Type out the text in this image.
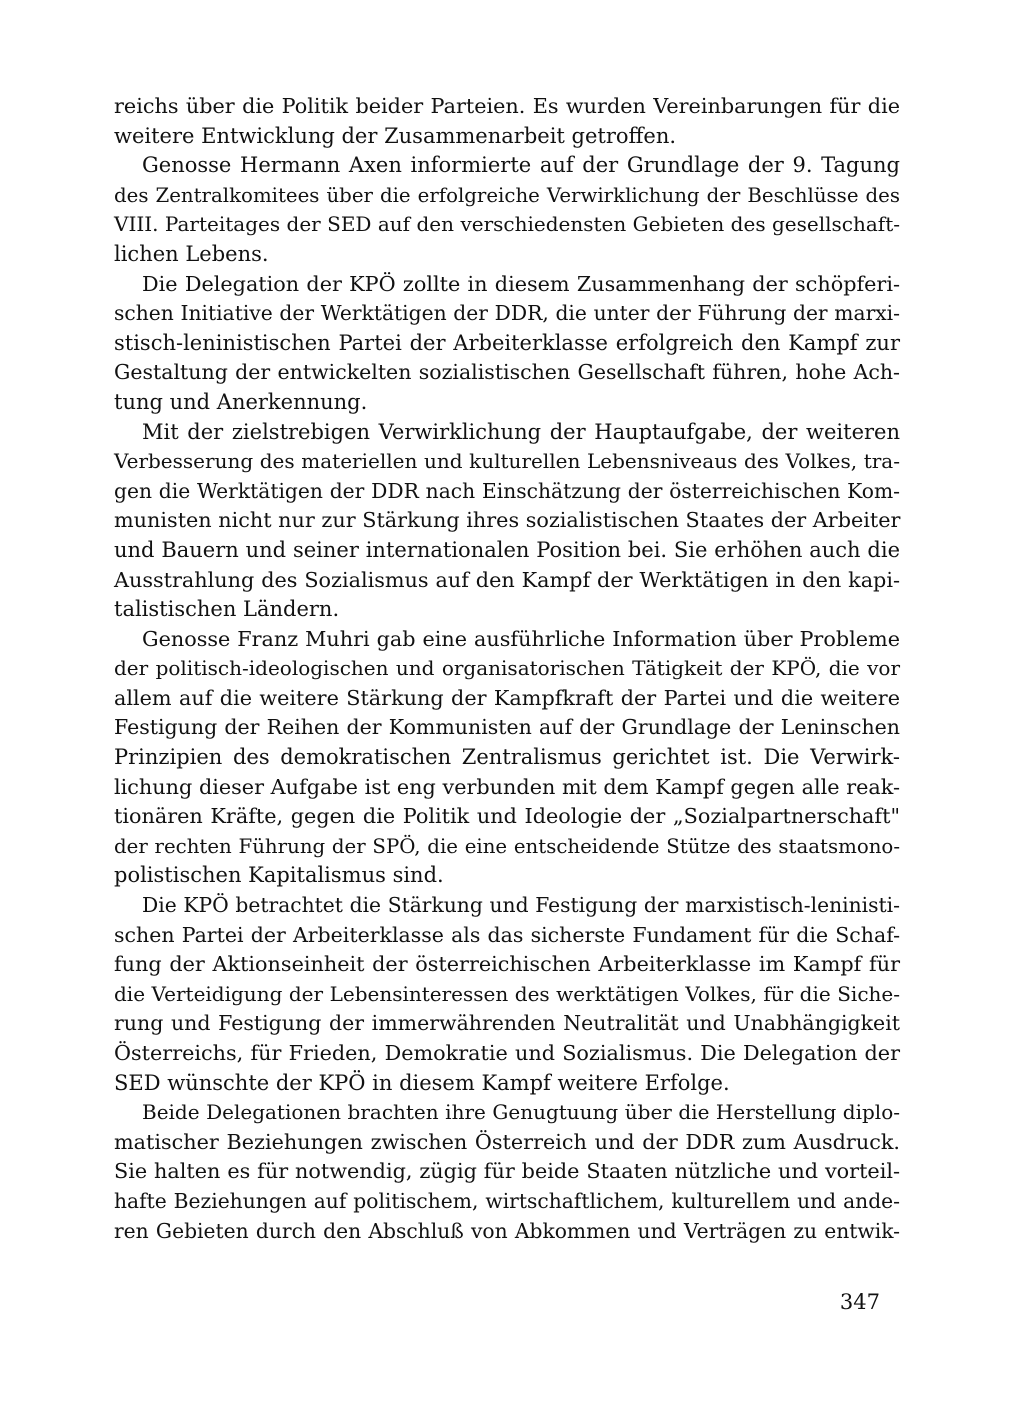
reichs über die Politik beider Parteien. Es wurden Vereinbarungen für die
weitere Entwicklung der Zusammenarbeit getroffen.
Genosse Hermann Axen informierte auf der Grundlage der 9. Tagung
des Zentralkomitees über die erfolgreiche Verwirklichung der Beschlüsse des
VIII. Parteitages der SED auf den verschiedensten Gebieten des gesellschaft-
lichen Lebens.
Die Delegation der KPÖ zollte in diesem Zusammenhang der schöpferi-
schen Initiative der Werktätigen der DDR, die unter der Führung der marxi-
stisch-leninistischen Partei der Arbeiterklasse erfolgreich den Kampf zur
Gestaltung der entwickelten sozialistischen Gesellschaft führen, hohe Ach-
tung und Anerkennung.
Mit der zielstrebigen Verwirklichung der Hauptaufgabe, der weiteren
Verbesserung des materiellen und kulturellen Lebensniveaus des Volkes, tra-
gen die Werktätigen der DDR nach Einschätzung der österreichischen Kom-
munisten nicht nur zur Stärkung ihres sozialistischen Staates der Arbeiter
und Bauern und seiner internationalen Position bei. Sie erhöhen auch die
Ausstrahlung des Sozialismus auf den Kampf der Werktätigen in den kapi-
talistischen Ländern.
Genosse Franz Muhri gab eine ausführliche Information über Probleme
der politisch-ideologischen und organisatorischen Tätigkeit der KPÖ, die vor
allem auf die weitere Stärkung der Kampfkraft der Partei und die weitere
Festigung der Reihen der Kommunisten auf der Grundlage der Leninschen
Prinzipien des demokratischen Zentralismus gerichtet ist. Die Verwirk-
lichung dieser Aufgabe ist eng verbunden mit dem Kampf gegen alle reak-
tionären Kräfte, gegen die Politik und Ideologie der „Sozialpartnerschaft"
der rechten Führung der SPÖ, die eine entscheidende Stütze des staatsmono-
polistischen Kapitalismus sind.
Die KPÖ betrachtet die Stärkung und Festigung der marxistisch-leninisti-
schen Partei der Arbeiterklasse als das sicherste Fundament für die Schaf-
fung der Aktionseinheit der österreichischen Arbeiterklasse im Kampf für
die Verteidigung der Lebensinteressen des werktätigen Volkes, für die Siche-
rung und Festigung der immerwährenden Neutralität und Unabhängigkeit
Österreichs, für Frieden, Demokratie und Sozialismus. Die Delegation der
SED wünschte der KPÖ in diesem Kampf weitere Erfolge.
Beide Delegationen brachten ihre Genugtuung über die Herstellung diplo-
matischer Beziehungen zwischen Österreich und der DDR zum Ausdruck.
Sie halten es für notwendig, zügig für beide Staaten nützliche und vorteil-
hafte Beziehungen auf politischem, wirtschaftlichem, kulturellem und ande-
ren Gebieten durch den Abschluß von Abkommen und Verträgen zu entwik-
347
